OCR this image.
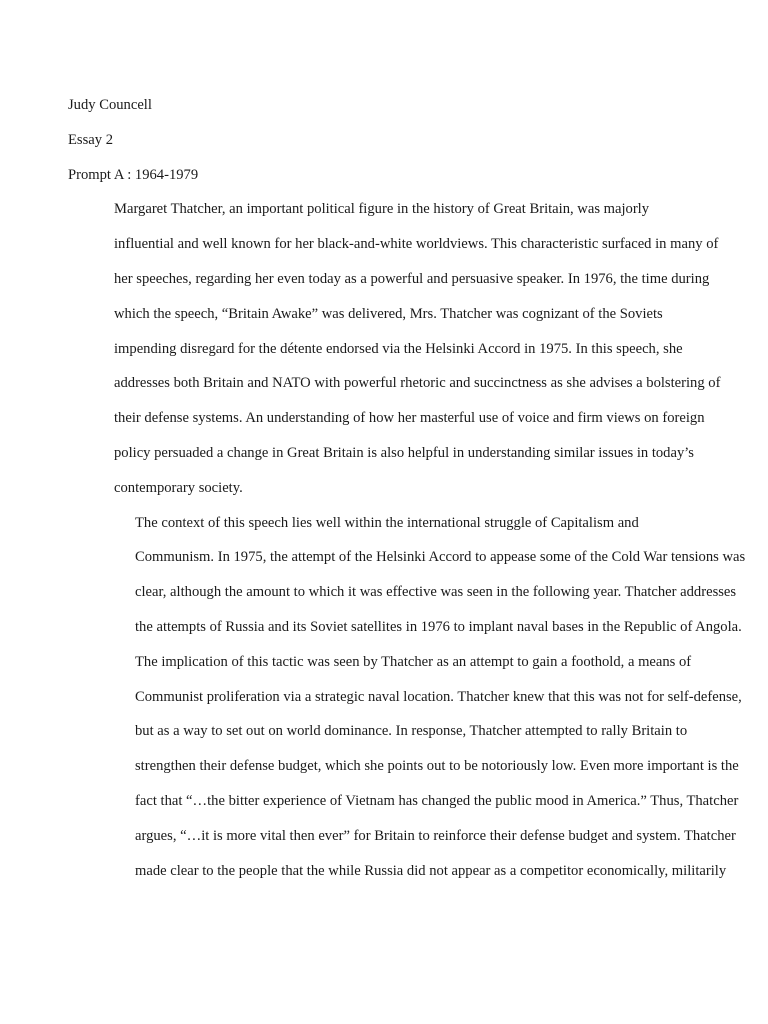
Judy Councell

Essay 2

Prompt A : 1964-1979

Margaret Thatcher, an important political figure in the history of Great Britain, was majorly
influential and well known for her black-and-white worldviews. This characteristic surfaced in many of
her speeches, regarding her even today as a powerful and persuasive speaker. In 1976, the time during
which the speech, “Britain Awake” was delivered, Mrs. Thatcher was cognizant of the Soviets
impending disregard for the détente endorsed via the Helsinki Accord in 1975. In this speech, she
addresses both Britain and NATO with powerful rhetoric and succinctness as she advises a bolstering of
their defense systems. An understanding of how her masterful use of voice and firm views on foreign
policy persuaded a change in Great Britain is also helpful in understanding similar issues in today’s
contemporary society.

The context of this speech lies well within the international struggle of Capitalism and
Communism. In 1975, the attempt of the Helsinki Accord to appease some of the Cold War tensions was
clear, although the amount to which it was effective was seen in the following year. Thatcher addresses
the attempts of Russia and its Soviet satellites in 1976 to implant naval bases in the Republic of Angola.
The implication of this tactic was seen by Thatcher as an attempt to gain a foothold, a means of
Communist proliferation via a strategic naval location. Thatcher knew that this was not for self-defense,
but as a way to set out on world dominance. In response, Thatcher attempted to rally Britain to
strengthen their defense budget, which she points out to be notoriously low. Even more important is the
fact that “…the bitter experience of Vietnam has changed the public mood in America.” Thus, Thatcher
argues, “…it is more vital then ever” for Britain to reinforce their defense budget and system. Thatcher
made clear to the people that the while Russia did not appear as a competitor economically, militarily
